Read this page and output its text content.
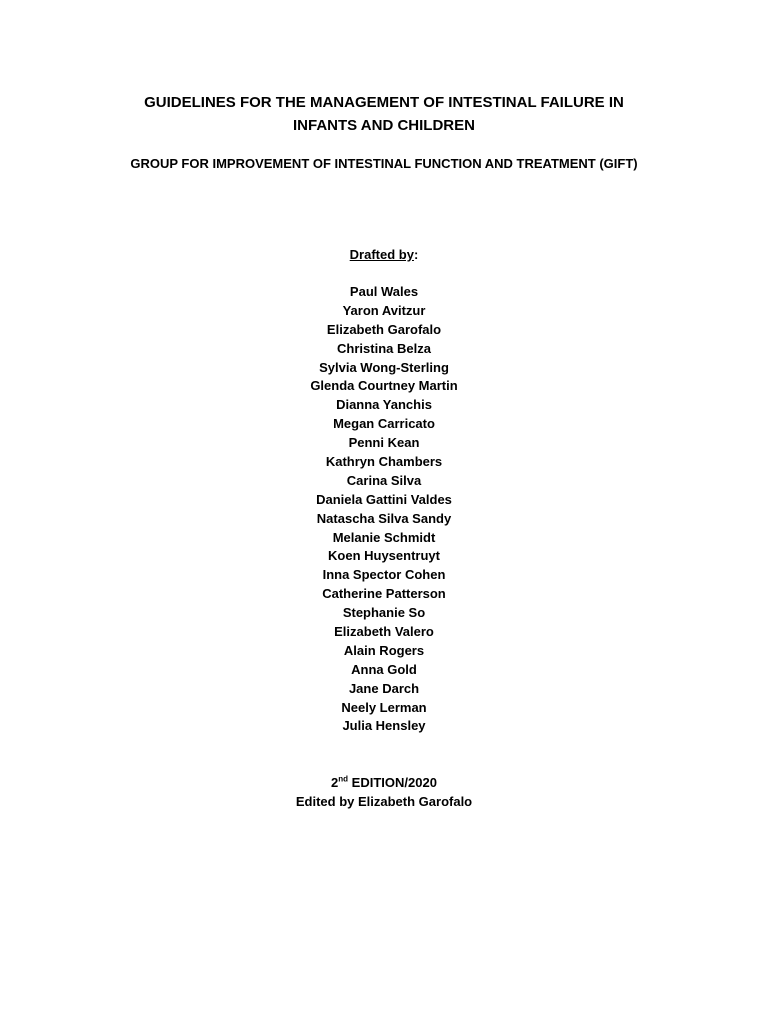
GUIDELINES FOR THE MANAGEMENT OF INTESTINAL FAILURE IN
INFANTS AND CHILDREN
GROUP FOR IMPROVEMENT OF INTESTINAL FUNCTION AND TREATMENT (GIFT)
Drafted by:
Paul Wales
Yaron Avitzur
Elizabeth Garofalo
Christina Belza
Sylvia Wong-Sterling
Glenda Courtney Martin
Dianna Yanchis
Megan Carricato
Penni Kean
Kathryn Chambers
Carina Silva
Daniela Gattini Valdes
Natascha Silva Sandy
Melanie Schmidt
Koen Huysentruyt
Inna Spector Cohen
Catherine Patterson
Stephanie So
Elizabeth Valero
Alain Rogers
Anna Gold
Jane Darch
Neely Lerman
Julia Hensley
2nd EDITION/2020
Edited by Elizabeth Garofalo
